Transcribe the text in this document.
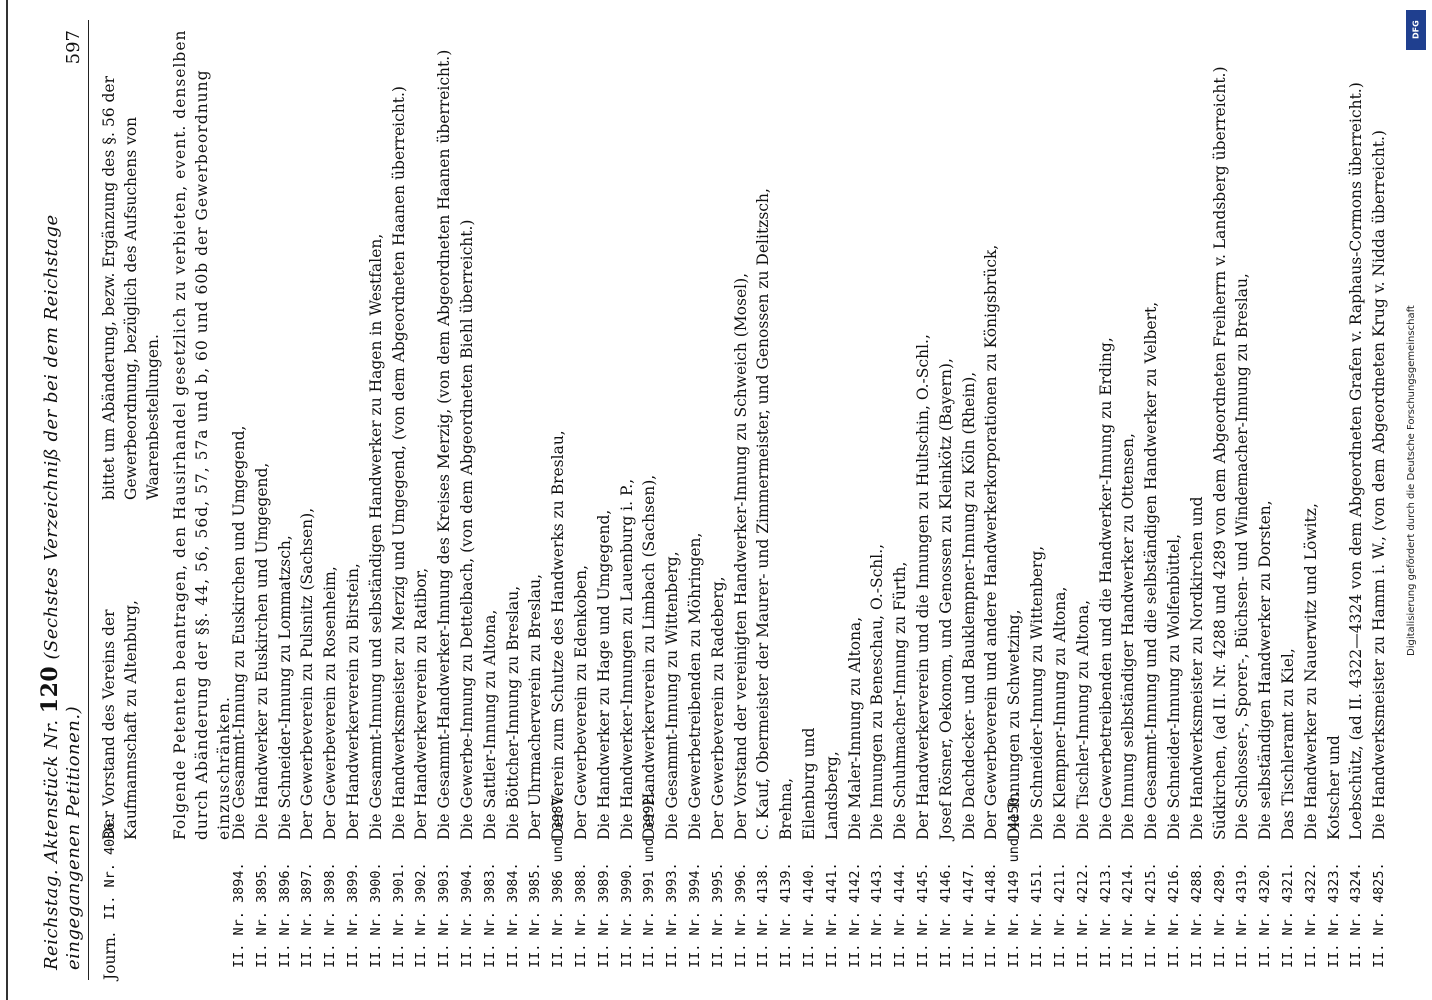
Reichstag. Aktenstück Nr. 120 (Sechstes Verzeichniß der bei dem Reichstage eingegangenen Petitionen.)
597
Journ.
II. Nr. 4086.
Der Vorstand des Vereins der Kaufmannschaft zu Altenburg,
bittet um Abänderung, bezw. Ergänzung des §. 56 der Gewerbeordnung, bezüglich des Aufsuchens von Waarenbestellungen. Folgende Petenten beantragen, den Hausirhandel gesetzlich zu verbieten, event. denselben durch Abänderung der §§. 44, 56, 56d, 57, 57a und b, 60 und 60b der Gewerbeordnung einzuschränken.
II. Nr. 3894.
Die Gesammt-Innung zu Euskirchen und Umgegend,
II. Nr. 3895.
Die Handwerker zu Euskirchen und Umgegend,
II. Nr. 3896.
Die Schneider-Innung zu Lommatzsch,
II. Nr. 3897.
Der Gewerbeverein zu Pulsnitz (Sachsen),
II. Nr. 3898.
Der Gewerbeverein zu Rosenheim,
II. Nr. 3899.
Der Handwerkerverein zu Birstein,
II. Nr. 3900.
Die Gesammt-Innung und selbständigen Handwerker zu Hagen in Westfalen,
II. Nr. 3901.
Die Handwerksmeister zu Merzig und Umgegend, (von dem Abgeordneten Haanen überreicht.)
II. Nr. 3902.
Der Handwerkerverein zu Ratibor,
II. Nr. 3903.
Die Gesammt-Handwerker-Innung des Kreises Merzig, (von dem Abgeordneten Haanen überreicht.)
II. Nr. 3904.
Die Gewerbe-Innung zu Dettelbach, (von dem Abgeordneten Biehl überreicht.)
II. Nr. 3983.
Die Sattler-Innung zu Altona,
II. Nr. 3984.
Die Böttcher-Innung zu Breslau,
II. Nr. 3985.
Der Uhrmacherverein zu Breslau,
II. Nr. 3986 und 3987.
Der Verein zum Schutze des Handwerks zu Breslau,
II. Nr. 3988.
Der Gewerbeverein zu Edenkoben,
II. Nr. 3989.
Die Handwerker zu Hage und Umgegend,
II. Nr. 3990.
Die Handwerker-Innungen zu Lauenburg i. P.,
II. Nr. 3991 und 3992.
Der Handwerkerverein zu Limbach (Sachsen),
II. Nr. 3993.
Die Gesammt-Innung zu Wittenberg,
II. Nr. 3994.
Die Gewerbetreibenden zu Möhringen,
II. Nr. 3995.
Der Gewerbeverein zu Radeberg,
II. Nr. 3996.
Der Vorstand der vereinigten Handwerker-Innung zu Schweich (Mosel),
II. Nr. 4138.
C. Kauf, Obermeister der Maurer- und Zimmermeister, und Genossen zu Delitzsch,
II. Nr. 4139.
Brehna,
II. Nr. 4140.
Eilenburg und
II. Nr. 4141.
Landsberg,
II. Nr. 4142.
Die Maler-Innung zu Altona,
II. Nr. 4143.
Die Innungen zu Beneschau, O.-Schl.,
II. Nr. 4144.
Die Schuhmacher-Innung zu Fürth,
II. Nr. 4145.
Der Handwerkerverein und die Innungen zu Hultschin, O.-Schl.,
II. Nr. 4146.
Josef Rösner, Oekonom, und Genossen zu Kleinkötz (Bayern),
II. Nr. 4147.
Die Dachdecker- und Bauklempner-Innung zu Köln (Rhein),
II. Nr. 4148.
Der Gewerbeverein und andere Handwerkerkorporationen zu Königsbrück,
II. Nr. 4149 und 4150.
Die Innungen zu Schwetzing,
II. Nr. 4151.
Die Schneider-Innung zu Wittenberg,
II. Nr. 4211.
Die Klempner-Innung zu Altona,
II. Nr. 4212.
Die Tischler-Innung zu Altona,
II. Nr. 4213.
Die Gewerbetreibenden und die Handwerker-Innung zu Erding,
II. Nr. 4214.
Die Innung selbständiger Handwerker zu Ottensen,
II. Nr. 4215.
Die Gesammt-Innung und die selbständigen Handwerker zu Velbert,
II. Nr. 4216.
Die Schneider-Innung zu Wolfenbüttel,
II. Nr. 4288.
Die Handwerksmeister zu Nordkirchen und
II. Nr. 4289.
Südkirchen, (ad II. Nr. 4288 und 4289 von dem Abgeordneten Freiherrn v. Landsberg überreicht.)
II. Nr. 4319.
Die Schlosser-, Sporer-, Büchsen- und Windemacher-Innung zu Breslau,
II. Nr. 4320.
Die selbständigen Handwerker zu Dorsten,
II. Nr. 4321.
Das Tischleramt zu Kiel,
II. Nr. 4322.
Die Handwerker zu Nauerwitz und Löwitz,
II. Nr. 4323.
Kotscher und
II. Nr. 4324.
Loebschütz, (ad II. 4322—4324 von dem Abgeordneten Grafen v. Raphaus-Cormons überreicht.)
II. Nr. 4825.
Die Handwerksmeister zu Hamm i. W., (von dem Abgeordneten Krug v. Nidda überreicht.)
DFG
Digitalisierung gefördert durch die Deutsche Forschungsgemeinschaft
